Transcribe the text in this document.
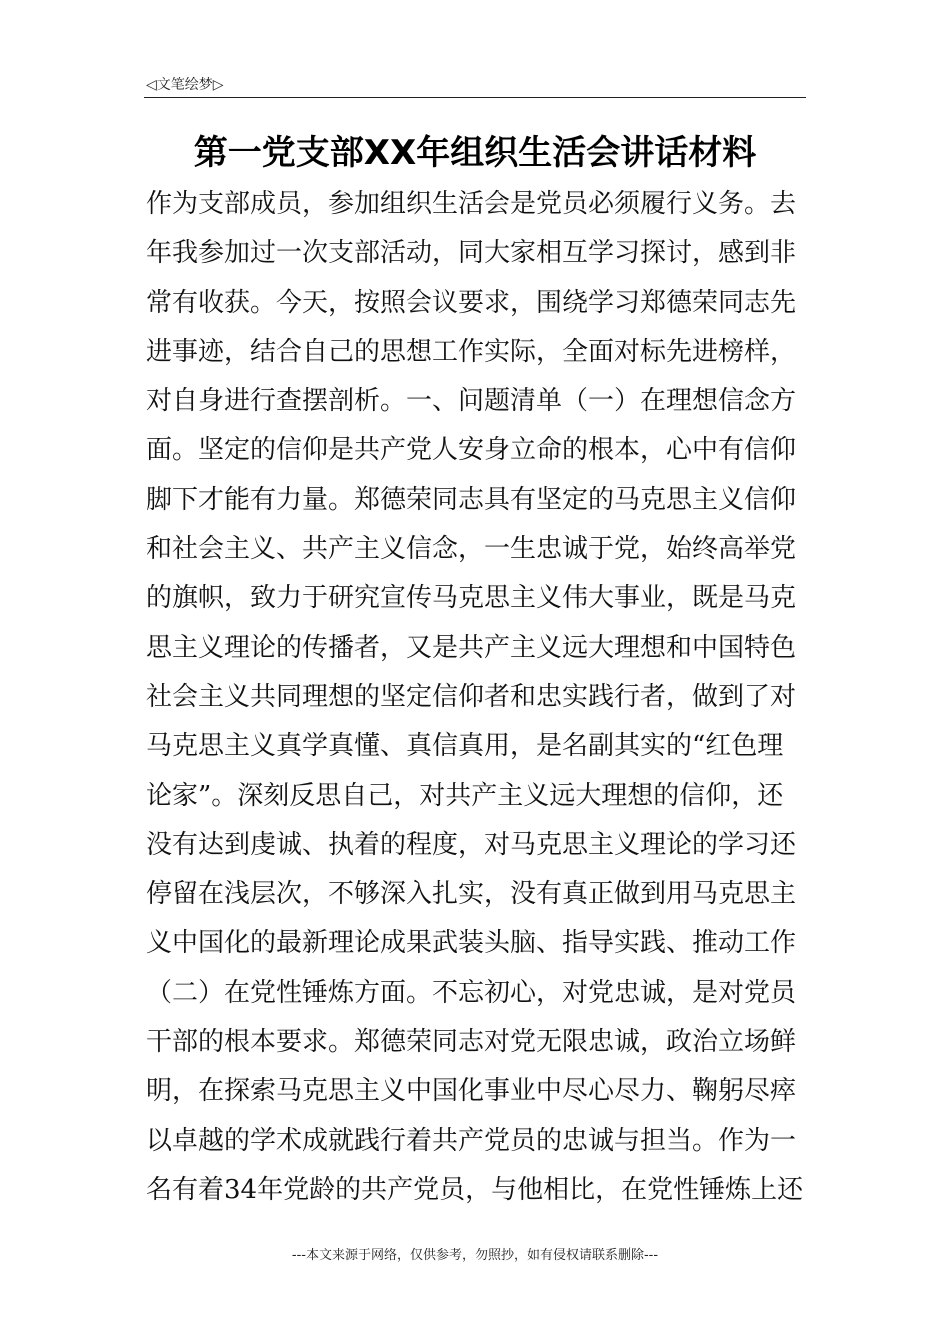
◁文笔绘梦▷
第一党支部XX年组织生活会讲话材料
作为支部成员，参加组织生活会是党员必须履行义务。去
年我参加过一次支部活动，同大家相互学习探讨，感到非
常有收获。今天，按照会议要求，围绕学习郑德荣同志先
进事迹，结合自己的思想工作实际，全面对标先进榜样，
对自身进行查摆剖析。一、问题清单（一）在理想信念方
面。坚定的信仰是共产党人安身立命的根本，心中有信仰
脚下才能有力量。郑德荣同志具有坚定的马克思主义信仰
和社会主义、共产主义信念，一生忠诚于党，始终高举党
的旗帜，致力于研究宣传马克思主义伟大事业，既是马克
思主义理论的传播者，又是共产主义远大理想和中国特色
社会主义共同理想的坚定信仰者和忠实践行者，做到了对
马克思主义真学真懂、真信真用，是名副其实的“红色理
论家”。深刻反思自己，对共产主义远大理想的信仰，还
没有达到虔诚、执着的程度，对马克思主义理论的学习还
停留在浅层次，不够深入扎实，没有真正做到用马克思主
义中国化的最新理论成果武装头脑、指导实践、推动工作
（二）在党性锤炼方面。不忘初心，对党忠诚，是对党员
干部的根本要求。郑德荣同志对党无限忠诚，政治立场鲜
明，在探索马克思主义中国化事业中尽心尽力、鞠躬尽瘁
以卓越的学术成就践行着共产党员的忠诚与担当。作为一
名有着34年党龄的共产党员，与他相比，在党性锤炼上还
---本文来源于网络，仅供参考，勿照抄，如有侵权请联系删除---
